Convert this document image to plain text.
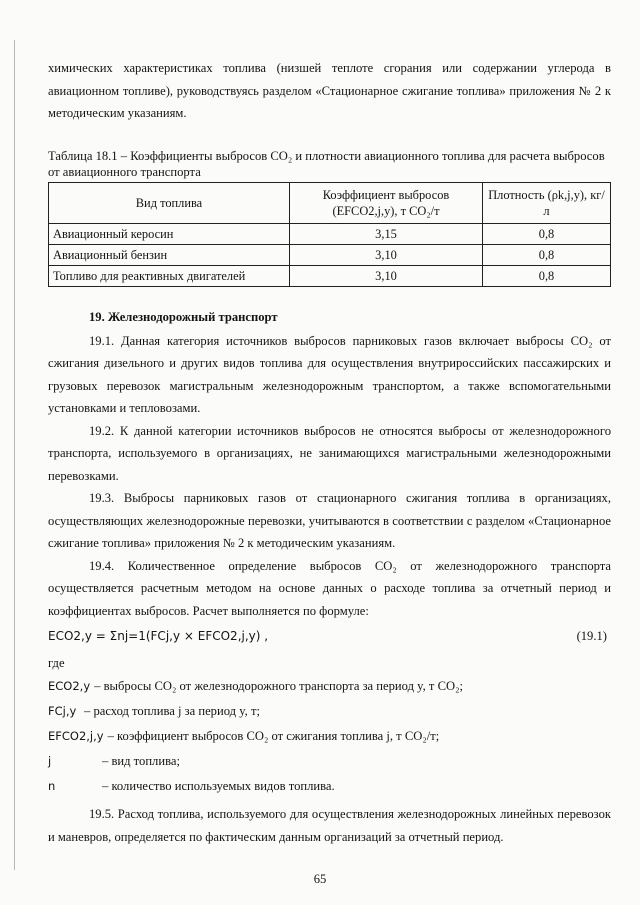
химических характеристиках топлива (низшей теплоте сгорания или содержании углерода в авиационном топливе), руководствуясь разделом «Стационарное сжигание топлива» приложения № 2 к методическим указаниям.

Таблица 18.1 – Коэффициенты выбросов CO₂ и плотности авиационного топлива для расчета выбросов от авиационного транспорта

Вид топлива	Коэффициент выбросов (EFCO2,j,y), т CO₂/т	Плотность (ρk,j,y), кг/л
Авиационный керосин	3,15	0,8
Авиационный бензин	3,10	0,8
Топливо для реактивных двигателей	3,10	0,8
19. Железнодорожный транспорт

19.1. Данная категория источников выбросов парниковых газов включает выбросы CO₂ от сжигания дизельного и других видов топлива для осуществления внутрироссийских пассажирских и грузовых перевозок магистральным железнодорожным транспортом, а также вспомогательными установками и тепловозами.

19.2. К данной категории источников выбросов не относятся выбросы от железнодорожного транспорта, используемого в организациях, не занимающихся магистральными железнодорожными перевозками.

19.3. Выбросы парниковых газов от стационарного сжигания топлива в организациях, осуществляющих железнодорожные перевозки, учитываются в соответствии с разделом «Стационарное сжигание топлива» приложения № 2 к методическим указаниям.

19.4. Количественное определение выбросов CO₂ от железнодорожного транспорта осуществляется расчетным методом на основе данных о расходе топлива за отчетный период и коэффициентах выбросов. Расчет выполняется по формуле:

ECO2,y = Σnj=1(FCj,y × EFCO2,j,y) ,	(19.1)

где

ECO2,y – выбросы CO₂ от железнодорожного транспорта за период y, т CO₂;
FCj,y – расход топлива j за период y, т;
EFCO2,j,y – коэффициент выбросов CO₂ от сжигания топлива j, т CO₂/т;
j	– вид топлива;
n	– количество используемых видов топлива.

19.5. Расход топлива, используемого для осуществления железнодорожных линейных перевозок и маневров, определяется по фактическим данным организаций за отчетный период.

65
